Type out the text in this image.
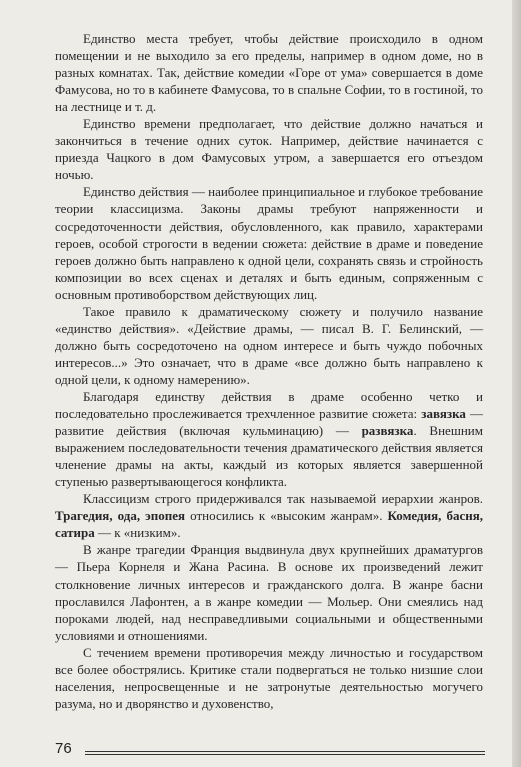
Единство места требует, чтобы действие происходило в одном помещении и не выходило за его пределы, например в одном доме, но в разных комнатах. Так, действие комедии «Горе от ума» совершается в доме Фамусова, но то в кабинете Фамусова, то в спальне Софии, то в гостиной, то на лестнице и т. д.

Единство времени предполагает, что действие должно начаться и закончиться в течение одних суток. Например, действие начинается с приезда Чацкого в дом Фамусовых утром, а завершается его отъездом ночью.

Единство действия — наиболее принципиальное и глубокое требование теории классицизма. Законы драмы требуют напряженности и сосредоточенности действия, обусловленного, как правило, характерами героев, особой строгости в ведении сюжета: действие в драме и поведение героев должно быть направлено к одной цели, сохранять связь и стройность композиции во всех сценах и деталях и быть единым, сопряженным с основным противоборством действующих лиц.

Такое правило к драматическому сюжету и получило название «единство действия». «Действие драмы, — писал В. Г. Белинский, — должно быть сосредоточено на одном интересе и быть чуждо побочных интересов...» Это означает, что в драме «все должно быть направлено к одной цели, к одному намерению».

Благодаря единству действия в драме особенно четко и последовательно прослеживается трехчленное развитие сюжета: завязка — развитие действия (включая кульминацию) — развязка. Внешним выражением последовательности течения драматического действия является членение драмы на акты, каждый из которых является завершенной ступенью развертывающегося конфликта.

Классицизм строго придерживался так называемой иерархии жанров. Трагедия, ода, эпопея относились к «высоким жанрам». Комедия, басня, сатира — к «низким».

В жанре трагедии Франция выдвинула двух крупнейших драматургов — Пьера Корнеля и Жана Расина. В основе их произведений лежит столкновение личных интересов и гражданского долга. В жанре басни прославился Лафонтен, а в жанре комедии — Мольер. Они смеялись над пороками людей, над несправедливыми социальными и общественными условиями и отношениями.

С течением времени противоречия между личностью и государством все более обострялись. Критике стали подвергаться не только низшие слои населения, непросвещенные и не затронутые деятельностью могучего разума, но и дворянство и духовенство,

76
